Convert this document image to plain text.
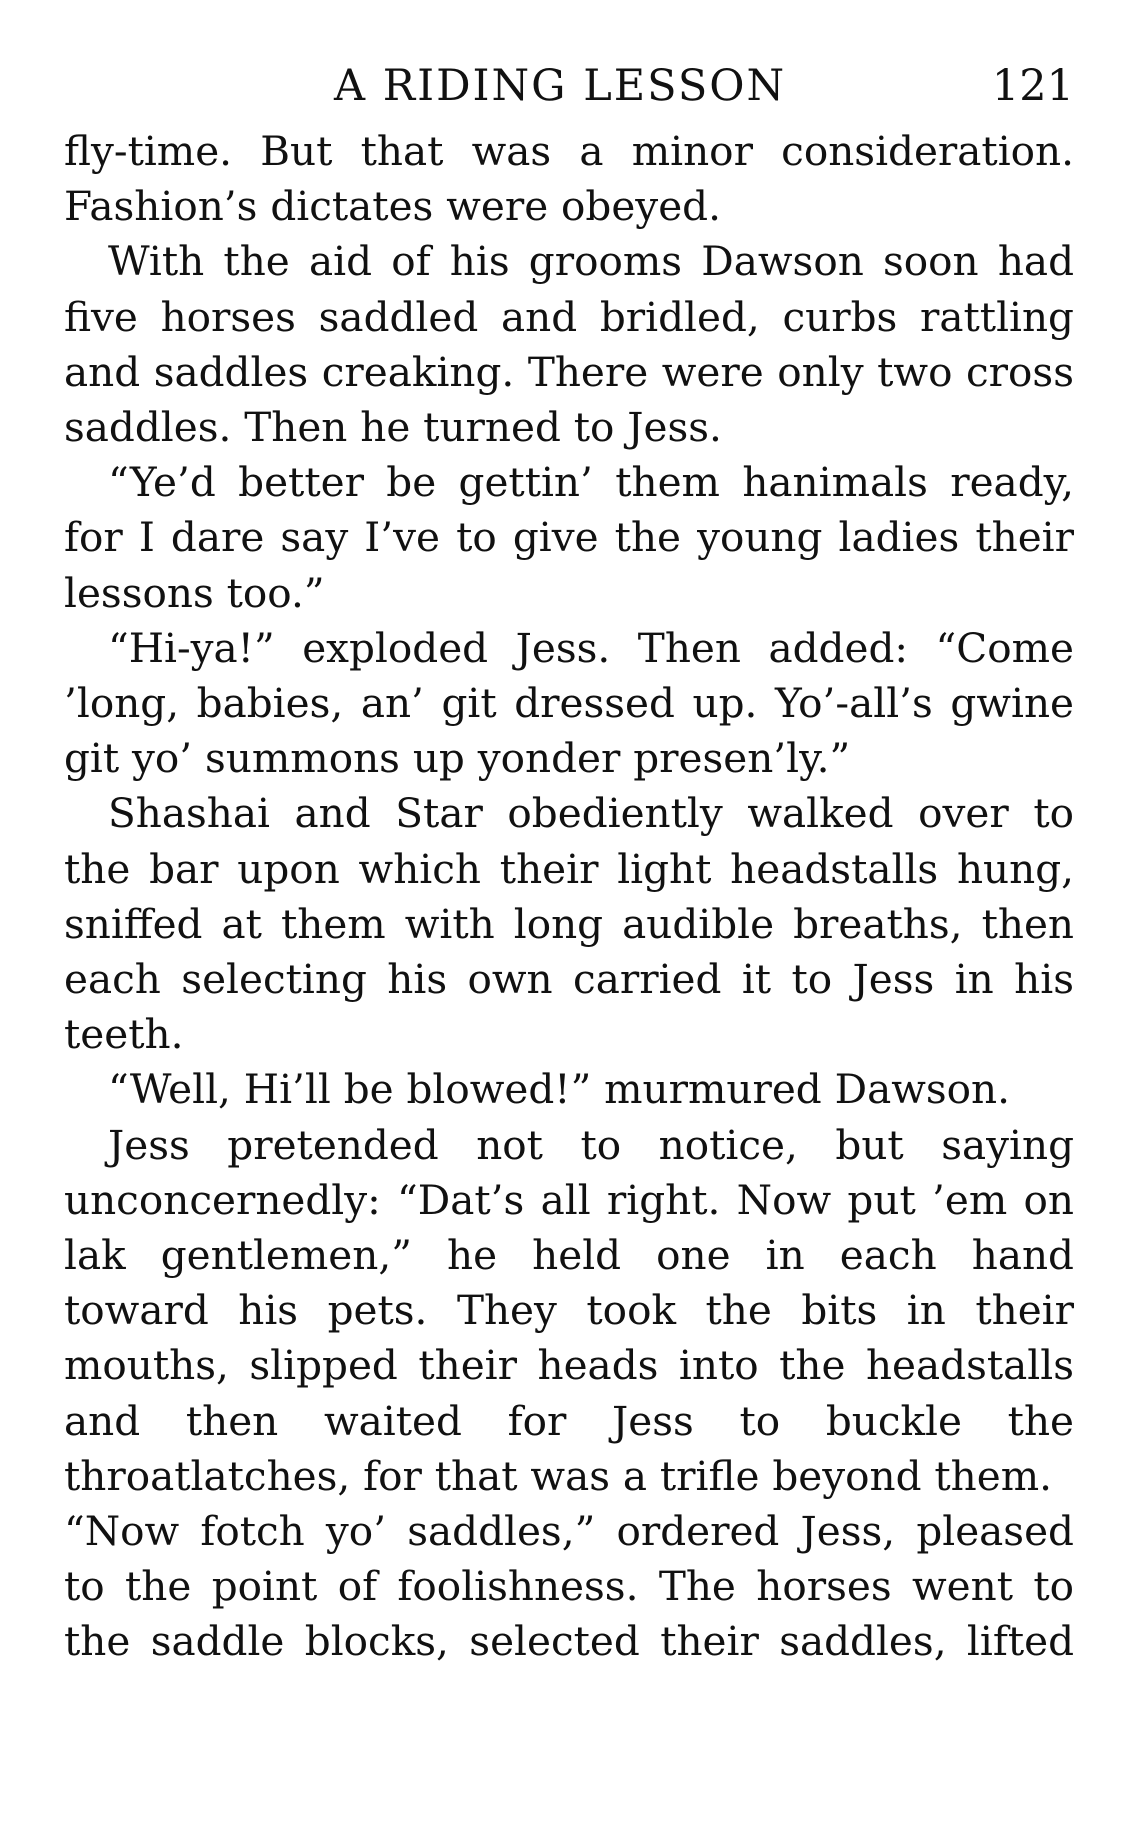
A RIDING LESSON	121

fly-time. But that was a minor consideration. Fashion’s dictates were obeyed.

With the aid of his grooms Dawson soon had five horses saddled and bridled, curbs rattling and saddles creaking. There were only two cross saddles. Then he turned to Jess.

“Ye’d better be gettin’ them hanimals ready, for I dare say I’ve to give the young ladies their lessons too.”

“Hi-ya!” exploded Jess. Then added: “Come ’long, babies, an’ git dressed up. Yo’-all’s gwine git yo’ summons up yonder presen’ly.”

Shashai and Star obediently walked over to the bar upon which their light headstalls hung, sniffed at them with long audible breaths, then each selecting his own carried it to Jess in his teeth.

“Well, Hi’ll be blowed!” murmured Dawson.

Jess pretended not to notice, but saying unconcernedly: “Dat’s all right. Now put ’em on lak gentlemen,” he held one in each hand toward his pets. They took the bits in their mouths, slipped their heads into the headstalls and then waited for Jess to buckle the throatlatches, for that was a trifle beyond them.

“Now fotch yo’ saddles,” ordered Jess, pleased to the point of foolishness. The horses went to the saddle blocks, selected their saddles, lifted
